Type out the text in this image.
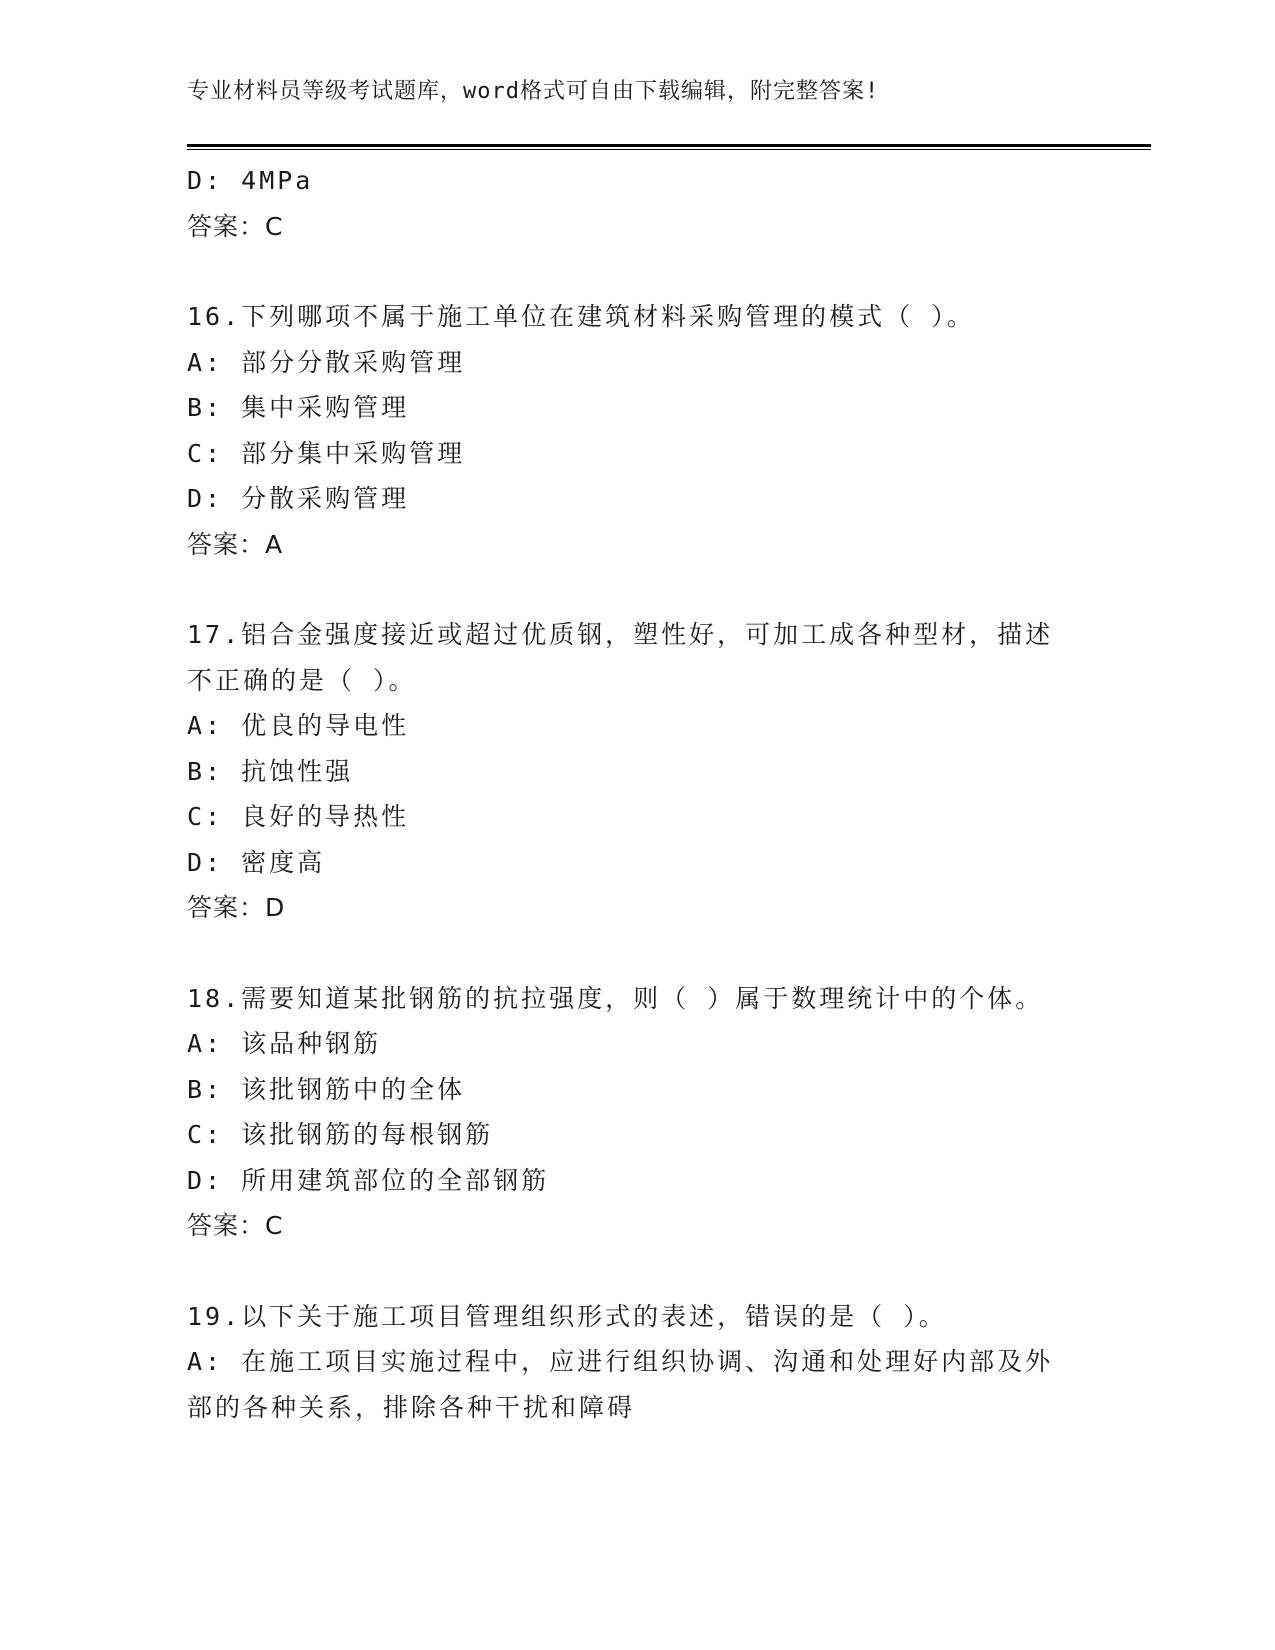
专业材料员等级考试题库，word格式可自由下载编辑，附完整答案!
D: 4MPa
答案：C
16.下列哪项不属于施工单位在建筑材料采购管理的模式（ ）。
A: 部分分散采购管理
B: 集中采购管理
C: 部分集中采购管理
D: 分散采购管理
答案：A
17.铝合金强度接近或超过优质钢，塑性好，可加工成各种型材，描述
不正确的是（ ）。
A: 优良的导电性
B: 抗蚀性强
C: 良好的导热性
D: 密度高
答案：D
18.需要知道某批钢筋的抗拉强度，则（ ）属于数理统计中的个体。
A: 该品种钢筋
B: 该批钢筋中的全体
C: 该批钢筋的每根钢筋
D: 所用建筑部位的全部钢筋
答案：C
19.以下关于施工项目管理组织形式的表述，错误的是（ ）。
A: 在施工项目实施过程中，应进行组织协调、沟通和处理好内部及外
部的各种关系，排除各种干扰和障碍
